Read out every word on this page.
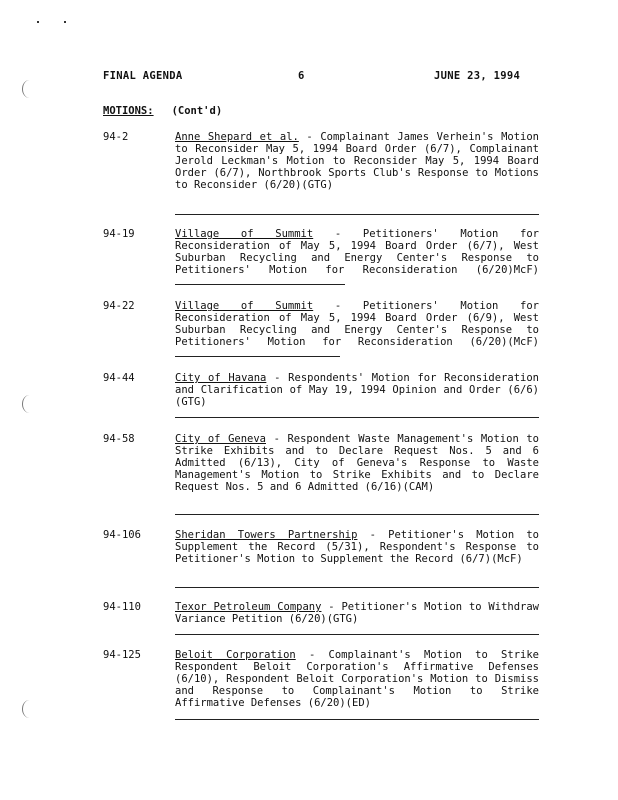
FINAL AGENDA	6	JUNE 23, 1994
MOTIONS: (Cont'd)
94-2	Anne Shepard et al. - Complainant James Verhein's Motion to Reconsider May 5, 1994 Board Order (6/7), Complainant Jerold Leckman's Motion to Reconsider May 5, 1994 Board Order (6/7), Northbrook Sports Club's Response to Motions to Reconsider (6/20)(GTG)
94-19	Village of Summit - Petitioners' Motion for Reconsideration of May 5, 1994 Board Order (6/7), West Suburban Recycling and Energy Center's Response to Petitioners' Motion for Reconsideration (6/20)McF)
94-22	Village of Summit - Petitioners' Motion for Reconsideration of May 5, 1994 Board Order (6/9), West Suburban Recycling and Energy Center's Response to Petitioners' Motion for Reconsideration (6/20)(McF)
94-44	City of Havana - Respondents' Motion for Reconsideration and Clarification of May 19, 1994 Opinion and Order (6/6)(GTG)
94-58	City of Geneva - Respondent Waste Management's Motion to Strike Exhibits and to Declare Request Nos. 5 and 6 Admitted (6/13), City of Geneva's Response to Waste Management's Motion to Strike Exhibits and to Declare Request Nos. 5 and 6 Admitted (6/16)(CAM)
94-106	Sheridan Towers Partnership - Petitioner's Motion to Supplement the Record (5/31), Respondent's Response to Petitioner's Motion to Supplement the Record (6/7)(McF)
94-110	Texor Petroleum Company - Petitioner's Motion to Withdraw Variance Petition (6/20)(GTG)
94-125	Beloit Corporation - Complainant's Motion to Strike Respondent Beloit Corporation's Affirmative Defenses (6/10), Respondent Beloit Corporation's Motion to Dismiss and Response to Complainant's Motion to Strike Affirmative Defenses (6/20)(ED)
